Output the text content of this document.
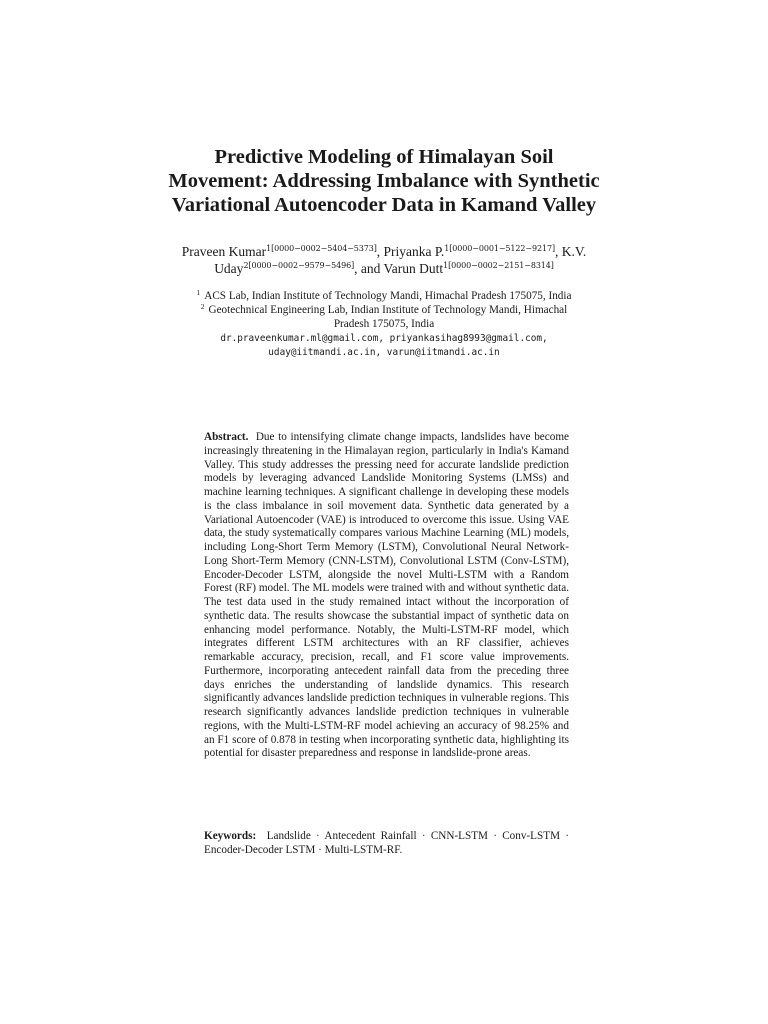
Predictive Modeling of Himalayan Soil
Movement: Addressing Imbalance with Synthetic
Variational Autoencoder Data in Kamand Valley
Praveen Kumar$^{1[0000-0002-5404-5373]}$, Priyanka P.$^{1[0000-0001-5122-9217]}$, K.V.
Uday$^{2[0000-0002-9579-5496]}$, and Varun Dutt$^{1[0000-0002-2151-8314]}$
$^1$ ACS Lab, Indian Institute of Technology Mandi, Himachal Pradesh 175075, India
$^2$ Geotechnical Engineering Lab, Indian Institute of Technology Mandi, Himachal
Pradesh 175075, India
dr.praveenkumar.ml@gmail.com, priyankasihag8993@gmail.com,
uday@iitmandi.ac.in, varun@iitmandi.ac.in

Abstract. Due to intensifying climate change impacts, landslides have become increasingly threatening in the Himalayan region, particularly in India's Kamand Valley. This study addresses the pressing need for accurate landslide prediction models by leveraging advanced Landslide Monitoring Systems (LMSs) and machine learning techniques. A significant challenge in developing these models is the class imbalance in soil movement data. Synthetic data generated by a Variational Autoencoder (VAE) is introduced to overcome this issue. Using VAE data, the study systematically compares various Machine Learning (ML) models, including Long-Short Term Memory (LSTM), Convolutional Neural Network-Long Short-Term Memory (CNN-LSTM), Convolutional LSTM (Conv-LSTM), Encoder-Decoder LSTM, alongside the novel Multi-LSTM with a Random Forest (RF) model. The ML models were trained with and without synthetic data. The test data used in the study remained intact without the incorporation of synthetic data. The results showcase the substantial impact of synthetic data on enhancing model performance. Notably, the Multi-LSTM-RF model, which integrates different LSTM architectures with an RF classifier, achieves remarkable accuracy, precision, recall, and F1 score value improvements. Furthermore, incorporating antecedent rainfall data from the preceding three days enriches the understanding of landslide dynamics. This research significantly advances landslide prediction techniques in vulnerable regions. This research significantly advances landslide prediction techniques in vulnerable regions, with the Multi-LSTM-RF model achieving an accuracy of 98.25% and an F1 score of 0.878 in testing when incorporating synthetic data, highlighting its potential for disaster preparedness and response in landslide-prone areas.

Keywords: Landslide · Antecedent Rainfall · CNN-LSTM · Conv-LSTM · Encoder-Decoder LSTM · Multi-LSTM-RF.
